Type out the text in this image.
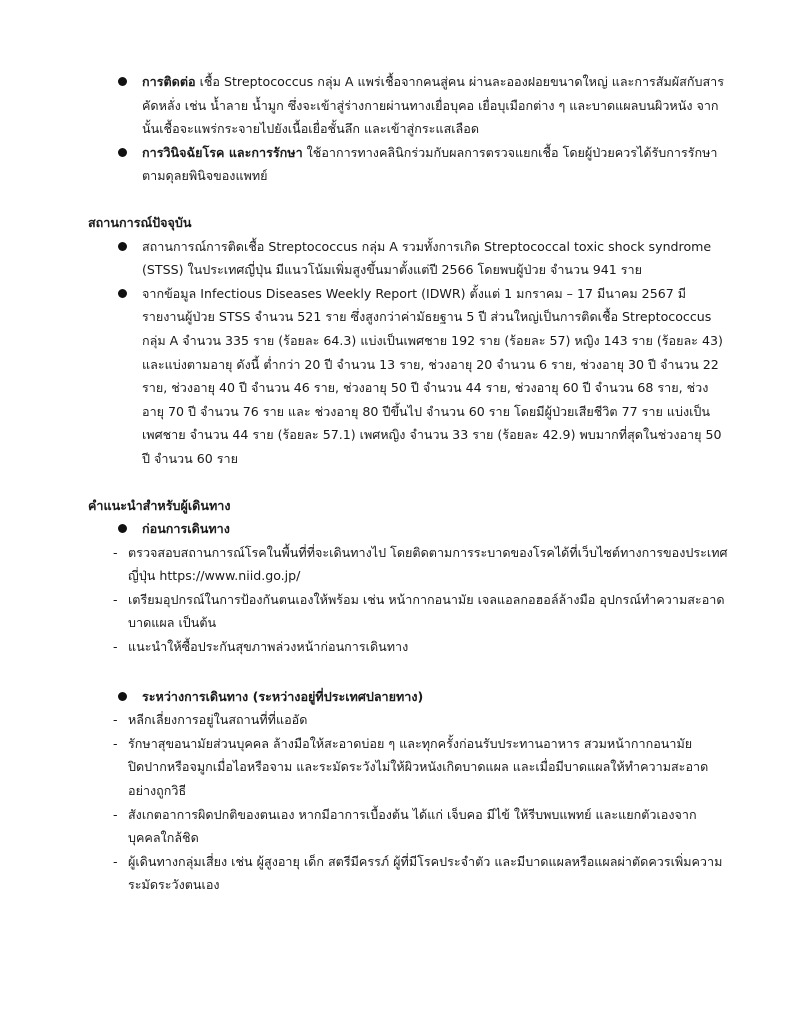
การติดต่อ เชื้อ Streptococcus กลุ่ม A แพร่เชื้อจากคนสู่คน ผ่านละอองฝอยขนาดใหญ่ และการสัมผัสกับสารคัดหลั่ง เช่น น้ำลาย น้ำมูก ซึ่งจะเข้าสู่ร่างกายผ่านทางเยื่อบุคอ เยื่อบุเมือกต่าง ๆ และบาดแผลบนผิวหนัง จากนั้นเชื้อจะแพร่กระจายไปยังเนื้อเยื่อชั้นลึก และเข้าสู่กระแสเลือด
การวินิจฉัยโรค และการรักษา ใช้อาการทางคลินิกร่วมกับผลการตรวจแยกเชื้อ โดยผู้ป่วยควรได้รับการรักษาตามดุลยพินิจของแพทย์

สถานการณ์ปัจจุบัน

สถานการณ์การติดเชื้อ Streptococcus กลุ่ม A รวมทั้งการเกิด Streptococcal toxic shock syndrome (STSS) ในประเทศญี่ปุ่น มีแนวโน้มเพิ่มสูงขึ้นมาตั้งแต่ปี 2566 โดยพบผู้ป่วย จำนวน 941 ราย
จากข้อมูล Infectious Diseases Weekly Report (IDWR) ตั้งแต่ 1 มกราคม – 17 มีนาคม 2567 มีรายงานผู้ป่วย STSS จำนวน 521 ราย ซึ่งสูงกว่าค่ามัธยฐาน 5 ปี ส่วนใหญ่เป็นการติดเชื้อ Streptococcus กลุ่ม A จำนวน 335 ราย (ร้อยละ 64.3) แบ่งเป็นเพศชาย 192 ราย (ร้อยละ 57) หญิง 143 ราย (ร้อยละ 43) และแบ่งตามอายุ ดังนี้ ต่ำกว่า 20 ปี จำนวน 13 ราย, ช่วงอายุ 20 จำนวน 6 ราย, ช่วงอายุ 30 ปี จำนวน 22 ราย, ช่วงอายุ 40 ปี จำนวน 46 ราย, ช่วงอายุ 50 ปี จำนวน 44 ราย, ช่วงอายุ 60 ปี จำนวน 68 ราย, ช่วงอายุ 70 ปี จำนวน 76 ราย และ ช่วงอายุ 80 ปีขึ้นไป จำนวน 60 ราย โดยมีผู้ป่วยเสียชีวิต 77 ราย แบ่งเป็นเพศชาย จำนวน 44 ราย (ร้อยละ 57.1) เพศหญิง จำนวน 33 ราย (ร้อยละ 42.9) พบมากที่สุดในช่วงอายุ 50 ปี จำนวน 60 ราย

คำแนะนำสำหรับผู้เดินทาง

ก่อนการเดินทาง
- ตรวจสอบสถานการณ์โรคในพื้นที่ที่จะเดินทางไป โดยติดตามการระบาดของโรคได้ที่เว็บไซต์ทางการของประเทศญี่ปุ่น https://www.niid.go.jp/
- เตรียมอุปกรณ์ในการป้องกันตนเองให้พร้อม เช่น หน้ากากอนามัย เจลแอลกอฮอล์ล้างมือ อุปกรณ์ทำความสะอาดบาดแผล เป็นต้น
- แนะนำให้ซื้อประกันสุขภาพล่วงหน้าก่อนการเดินทาง
ระหว่างการเดินทาง (ระหว่างอยู่ที่ประเทศปลายทาง)
- หลีกเลี่ยงการอยู่ในสถานที่ที่แออัด
- รักษาสุขอนามัยส่วนบุคคล ล้างมือให้สะอาดบ่อย ๆ และทุกครั้งก่อนรับประทานอาหาร สวมหน้ากากอนามัย ปิดปากหรือจมูกเมื่อไอหรือจาม และระมัดระวังไม่ให้ผิวหนังเกิดบาดแผล และเมื่อมีบาดแผลให้ทำความสะอาดอย่างถูกวิธี
- สังเกตอาการผิดปกติของตนเอง หากมีอาการเบื้องต้น ได้แก่ เจ็บคอ มีไข้ ให้รีบพบแพทย์ และแยกตัวเองจากบุคคลใกล้ชิด
- ผู้เดินทางกลุ่มเสี่ยง เช่น ผู้สูงอายุ เด็ก สตรีมีครรภ์ ผู้ที่มีโรคประจำตัว และมีบาดแผลหรือแผลผ่าตัดควรเพิ่มความระมัดระวังตนเอง
